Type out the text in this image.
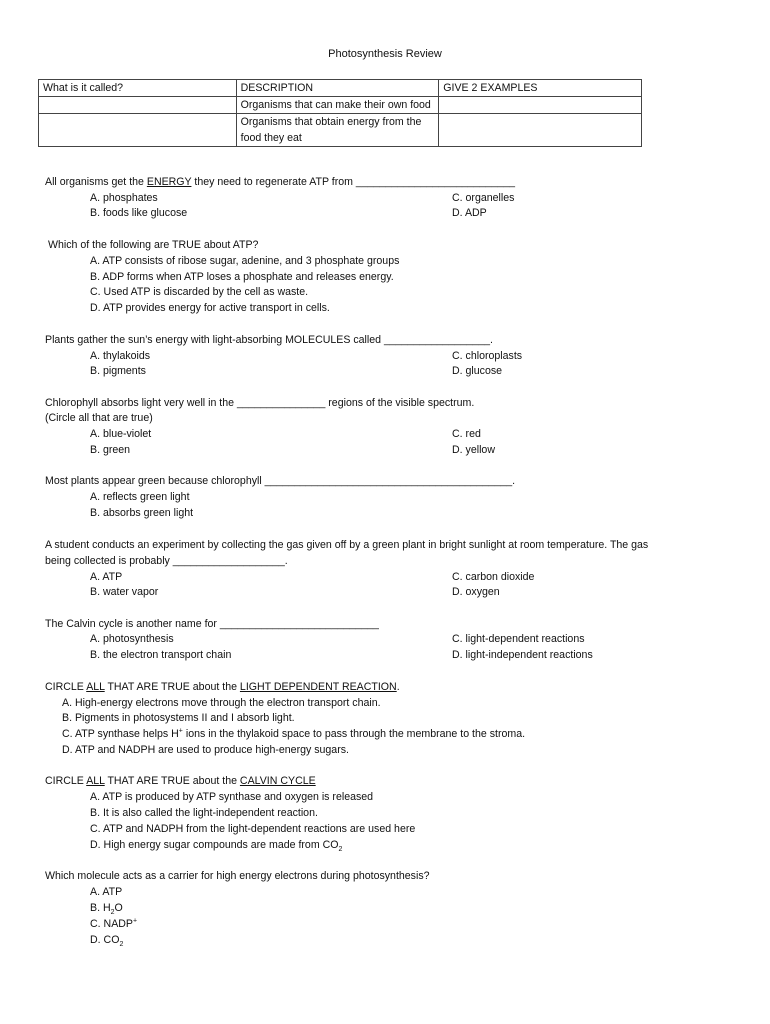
Photosynthesis Review
What is it called?	DESCRIPTION	GIVE 2 EXAMPLES
	Organisms that can make their own food	
	Organisms that obtain energy from the food they eat	
All organisms get the ENERGY they need to regenerate ATP from ___________________________
A. phosphates
B. foods like glucose
C. organelles
D. ADP
Which of the following are TRUE about ATP?
A. ATP consists of ribose sugar, adenine, and 3 phosphate groups
B. ADP forms when ATP loses a phosphate and releases energy.
C. Used ATP is discarded by the cell as waste.
D. ATP provides energy for active transport in cells.
Plants gather the sun’s energy with light-absorbing MOLECULES called __________________.
A. thylakoids
B. pigments
C. chloroplasts
D. glucose
Chlorophyll absorbs light very well in the _______________ regions of the visible spectrum.
(Circle all that are true)
A. blue-violet
B. green
C. red
D. yellow
Most plants appear green because chlorophyll __________________________________________.
A. reflects green light
B. absorbs green light
A student conducts an experiment by collecting the gas given off by a green plant in bright sunlight at room temperature. The gas
being collected is probably ___________________.
A. ATP
B. water vapor
C. carbon dioxide
D. oxygen
The Calvin cycle is another name for ___________________________
A. photosynthesis
B. the electron transport chain
C. light-dependent reactions
D. light-independent reactions
CIRCLE ALL THAT ARE TRUE about the LIGHT DEPENDENT REACTION.
A. High-energy electrons move through the electron transport chain.
B. Pigments in photosystems II and I absorb light.
C. ATP synthase helps H+ ions in the thylakoid space to pass through the membrane to the stroma.
D. ATP and NADPH are used to produce high-energy sugars.
CIRCLE ALL THAT ARE TRUE about the CALVIN CYCLE
A. ATP is produced by ATP synthase and oxygen is released
B. It is also called the light-independent reaction.
C. ATP and NADPH from the light-dependent reactions are used here
D. High energy sugar compounds are made from $CO_2$
Which molecule acts as a carrier for high energy electrons during photosynthesis?
A. ATP
B. $H_2O$
C. NADP+
D. $CO_2$
